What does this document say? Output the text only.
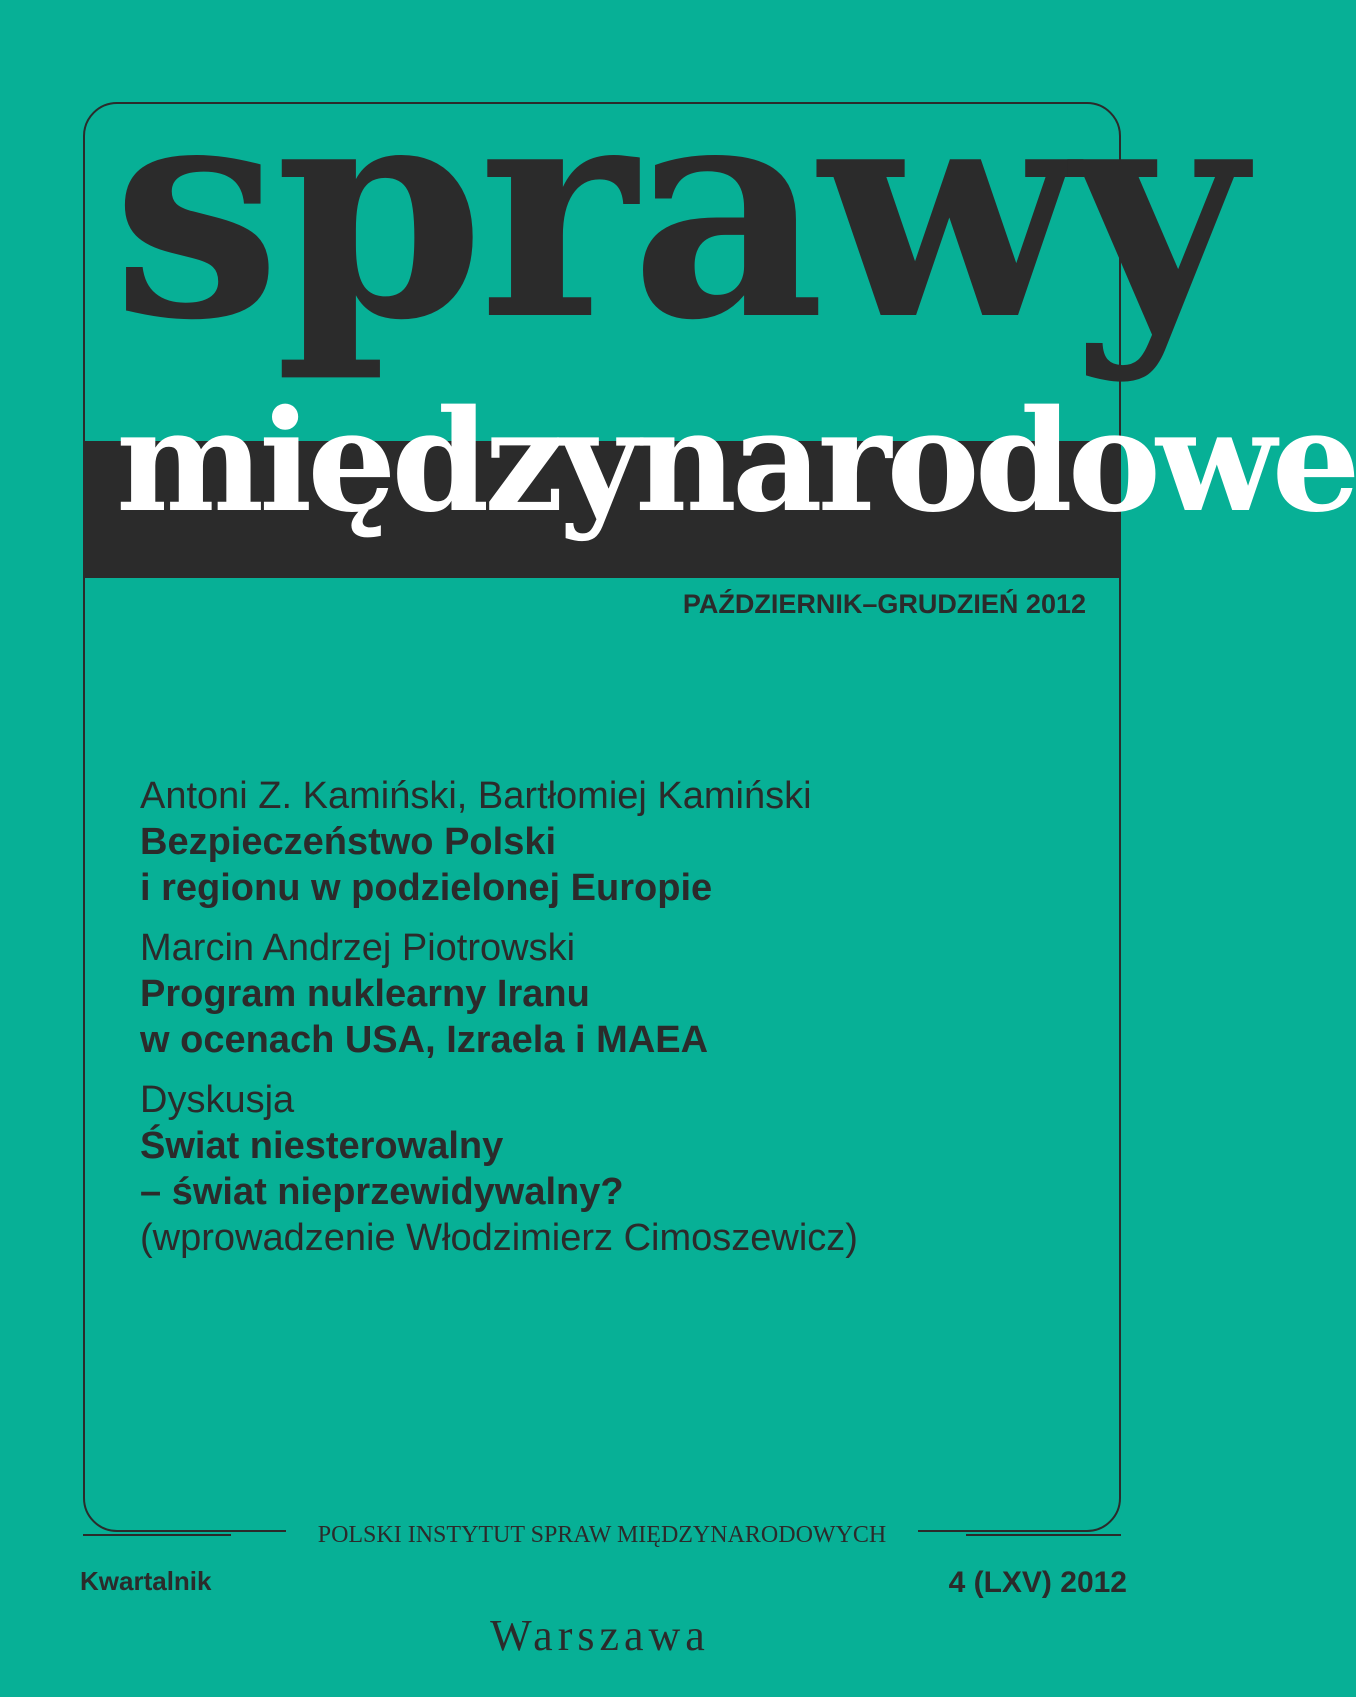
sprawy
międzynarodowe
PAŹDZIERNIK–GRUDZIEŃ 2012
Antoni Z. Kamiński, Bartłomiej Kamiński
Bezpieczeństwo Polski
i regionu w podzielonej Europie
Marcin Andrzej Piotrowski
Program nuklearny Iranu
w ocenach USA, Izraela i MAEA
Dyskusja
Świat niesterowalny
– świat nieprzewidywalny?
(wprowadzenie Włodzimierz Cimoszewicz)
POLSKI INSTYTUT SPRAW MIĘDZYNARODOWYCH
Kwartalnik	4 (LXV) 2012
Warszawa
